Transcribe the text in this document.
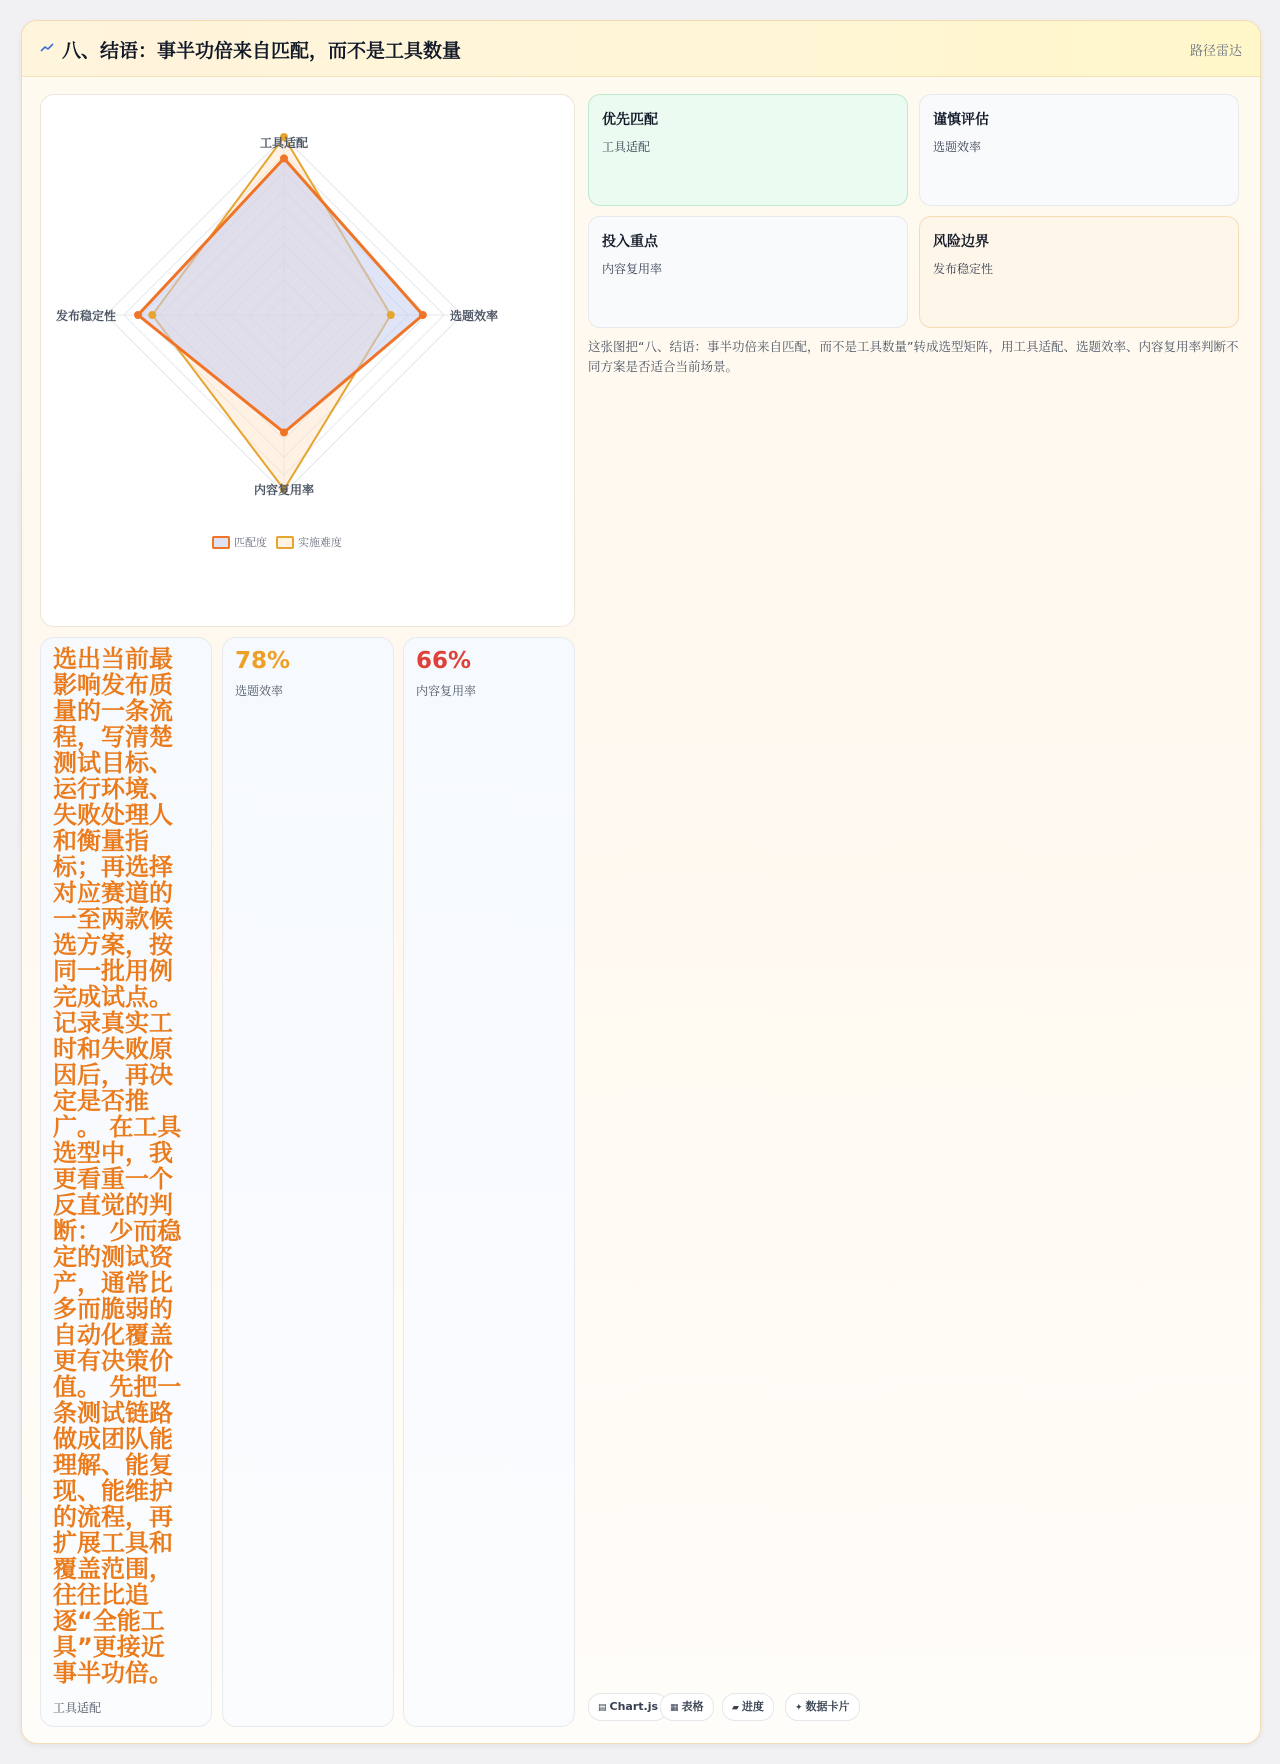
八、结语：事半功倍来自匹配，而不是工具数量	路径雷达
工具适配
选题效率
内容复用率
发布稳定性
匹配度	实施难度
优先匹配
工具适配
谨慎评估
选题效率
投入重点
内容复用率
风险边界
发布稳定性
这张图把“八、结语：事半功倍来自匹配，而不是工具数量”转成选型矩阵，用工具适配、选题效率、内容复用率判断不同方案是否适合当前场景。
选出当前最影响发布质量的一条流程，写清楚测试目标、运行环境、失败处理人和衡量指标；再选择对应赛道的一至两款候选方案，按同一批用例完成试点。记录真实工时和失败原因后，再决定是否推广。 在工具选型中，我更看重一个反直觉的判断： 少而稳定的测试资产，通常比多而脆弱的自动化覆盖更有决策价值。 先把一条测试链路做成团队能理解、能复现、能维护的流程，再扩展工具和覆盖范围，往往比追逐“全能工具”更接近事半功倍。
工具适配
78%
选题效率
66%
内容复用率
▤ Chart.js	▦ 表格	▰ 进度	✦ 数据卡片
